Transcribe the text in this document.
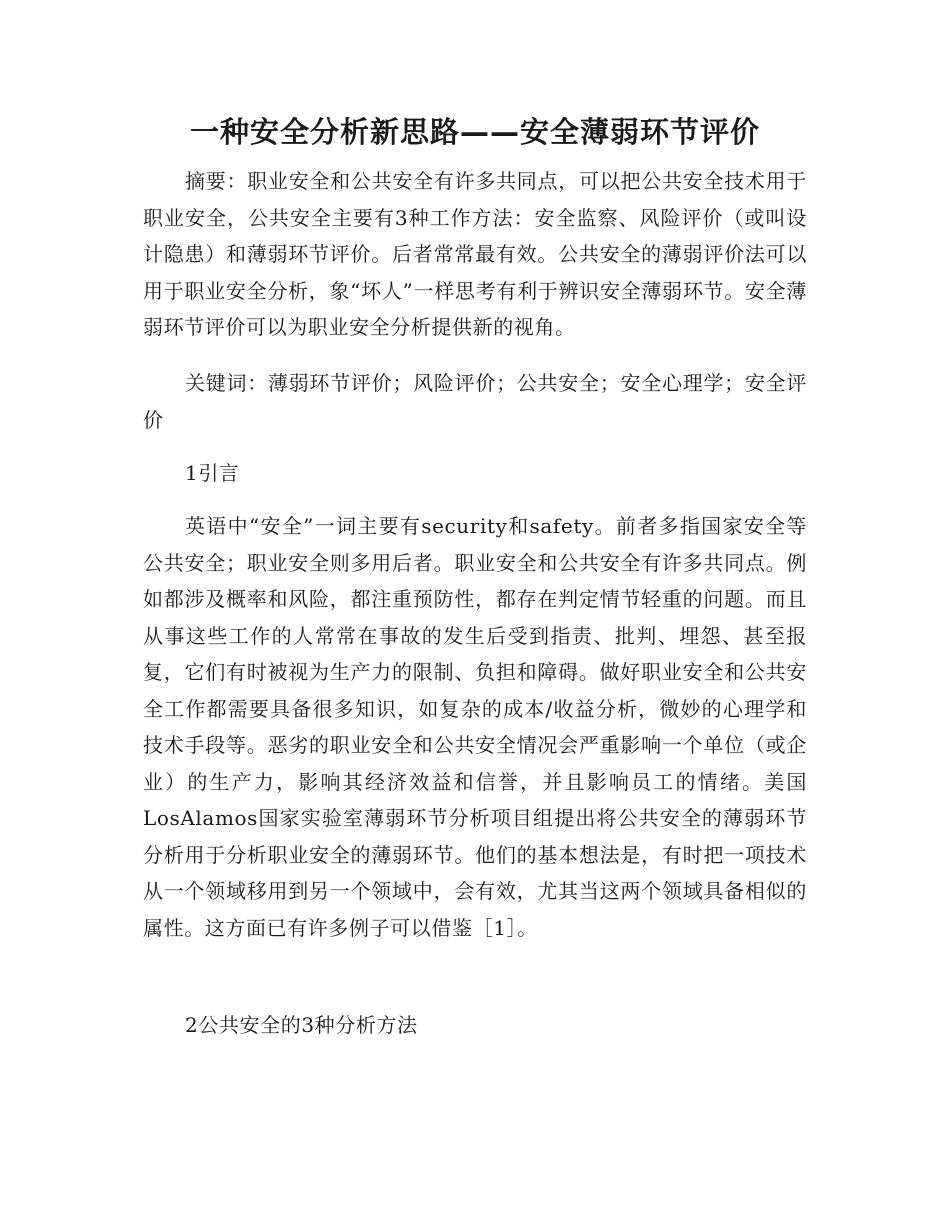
一种安全分析新思路——安全薄弱环节评价

摘要：职业安全和公共安全有许多共同点，可以把公共安全技术用于职业安全，公共安全主要有3种工作方法：安全监察、风险评价（或叫设计隐患）和薄弱环节评价。后者常常最有效。公共安全的薄弱评价法可以用于职业安全分析，象“坏人”一样思考有利于辨识安全薄弱环节。安全薄弱环节评价可以为职业安全分析提供新的视角。

关键词：薄弱环节评价；风险评价；公共安全；安全心理学；安全评价

1引言

英语中“安全”一词主要有security和safety。前者多指国家安全等公共安全；职业安全则多用后者。职业安全和公共安全有许多共同点。例如都涉及概率和风险，都注重预防性，都存在判定情节轻重的问题。而且从事这些工作的人常常在事故的发生后受到指责、批判、埋怨、甚至报复，它们有时被视为生产力的限制、负担和障碍。做好职业安全和公共安全工作都需要具备很多知识，如复杂的成本/收益分析，微妙的心理学和技术手段等。恶劣的职业安全和公共安全情况会严重影响一个单位（或企业）的生产力，影响其经济效益和信誉，并且影响员工的情绪。美国LosAlamos国家实验室薄弱环节分析项目组提出将公共安全的薄弱环节分析用于分析职业安全的薄弱环节。他们的基本想法是，有时把一项技术从一个领域移用到另一个领域中，会有效，尤其当这两个领域具备相似的属性。这方面已有许多例子可以借鉴［1］。

2公共安全的3种分析方法
